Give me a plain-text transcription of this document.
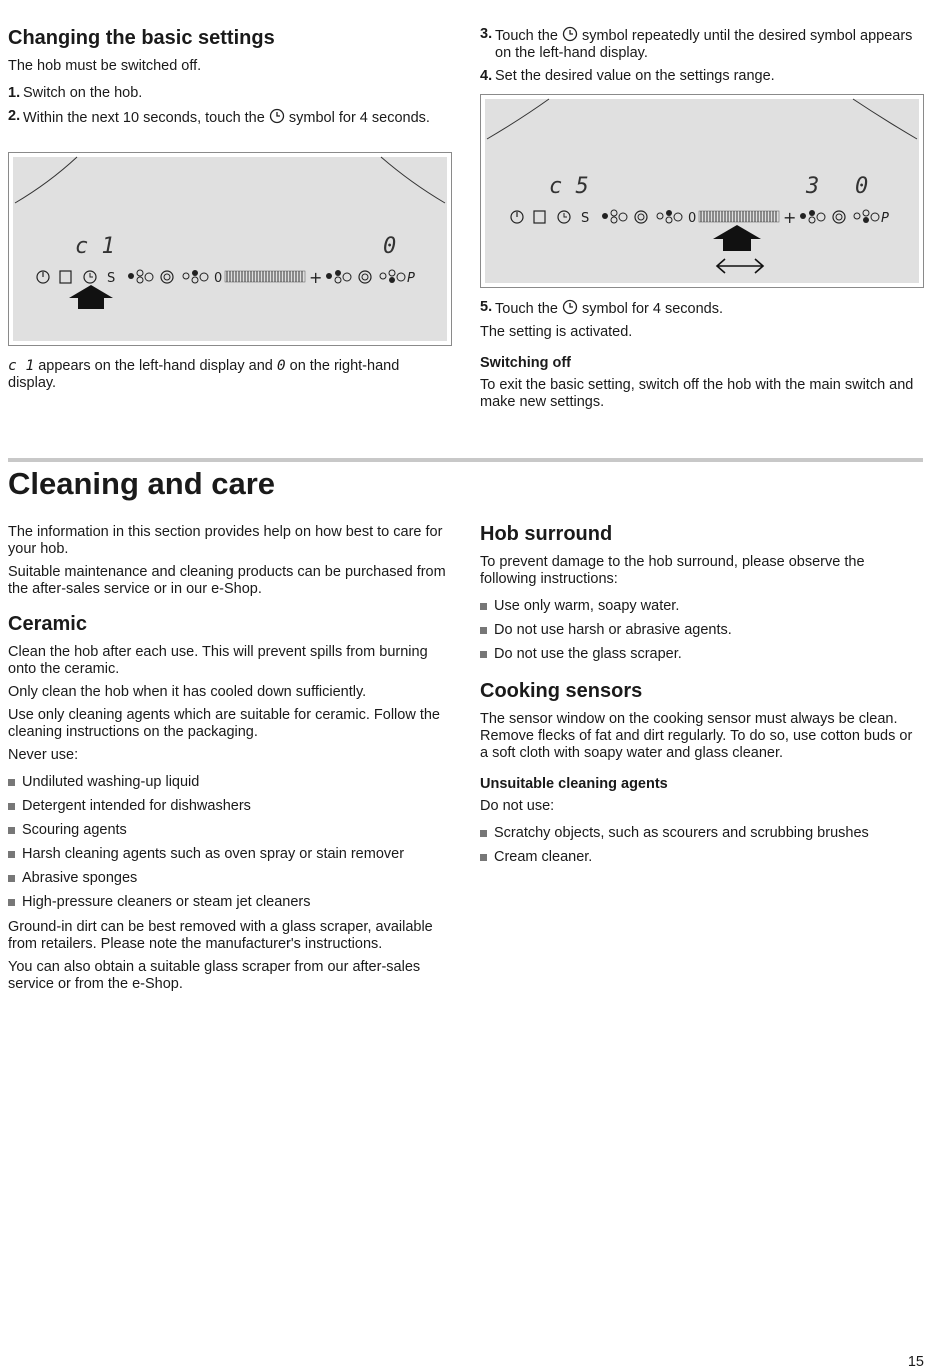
Changing the basic settings

The hob must be switched off.

1. Switch on the hob.
2. Within the next 10 seconds, touch the symbol for 4 seconds.
c 1	0
S	0	+	P

c 1 appears on the left-hand display and 0 on the right-hand display.

3. Touch the symbol repeatedly until the desired symbol appears on the left-hand display.
4. Set the desired value on the settings range.
c 5	3 0
S	0	+	P
5. Touch the symbol for 4 seconds.

The setting is activated.

Switching off

To exit the basic setting, switch off the hob with the main switch and make new settings.

Cleaning and care

The information in this section provides help on how best to care for your hob.

Suitable maintenance and cleaning products can be purchased from the after-sales service or in our e-Shop.

Ceramic

Clean the hob after each use. This will prevent spills from burning onto the ceramic.

Only clean the hob when it has cooled down sufficiently.

Use only cleaning agents which are suitable for ceramic. Follow the cleaning instructions on the packaging.

Never use:

Undiluted washing-up liquid
Detergent intended for dishwashers
Scouring agents
Harsh cleaning agents such as oven spray or stain remover
Abrasive sponges
High-pressure cleaners or steam jet cleaners

Ground-in dirt can be best removed with a glass scraper, available from retailers. Please note the manufacturer's instructions.

You can also obtain a suitable glass scraper from our after-sales service or from the e-Shop.

Hob surround

To prevent damage to the hob surround, please observe the following instructions:

Use only warm, soapy water.
Do not use harsh or abrasive agents.
Do not use the glass scraper.
Cooking sensors

The sensor window on the cooking sensor must always be clean. Remove flecks of fat and dirt regularly. To do so, use cotton buds or a soft cloth with soapy water and glass cleaner.

Unsuitable cleaning agents

Do not use:

Scratchy objects, such as scourers and scrubbing brushes
Cream cleaner.
15
